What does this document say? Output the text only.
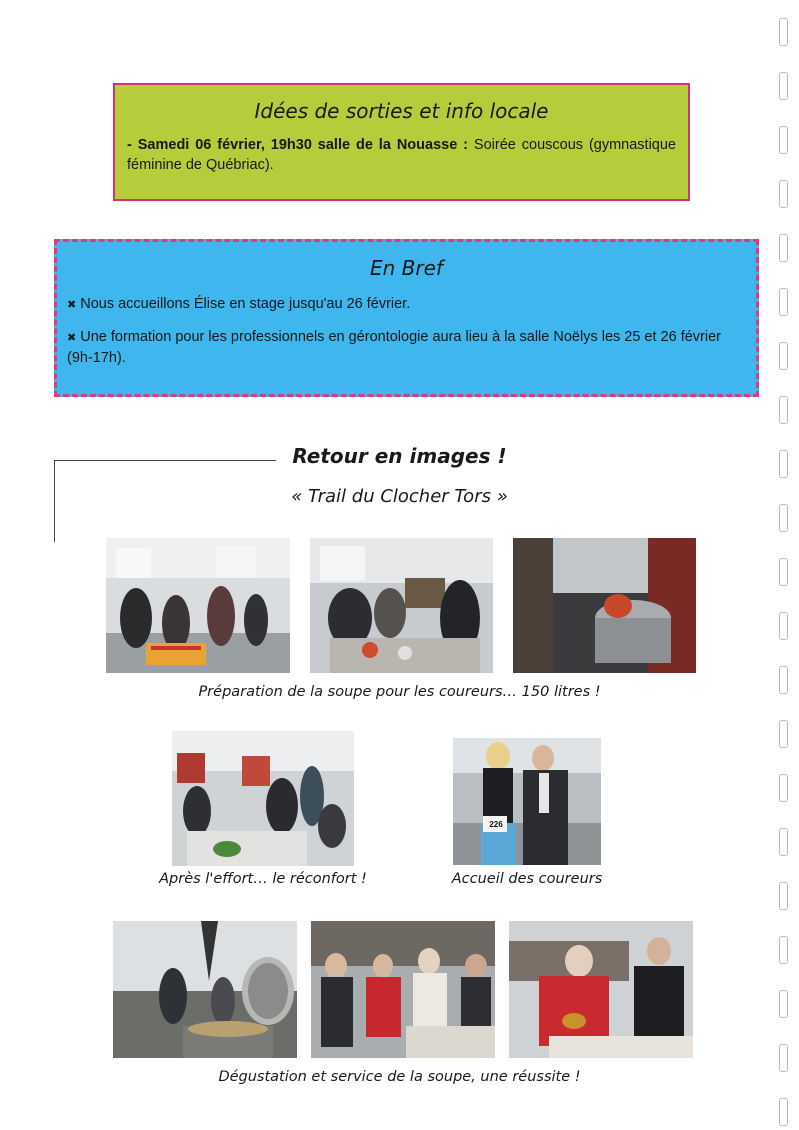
Idées de sorties et info locale

- Samedi 06 février, 19h30 salle de la Nouasse : Soirée couscous (gymnastique féminine de Québriac).

En Bref

✖ Nous accueillons Élise en stage jusqu'au 26 février.

✖ Une formation pour les professionnels en gérontologie aura lieu à la salle Noëlys les 25 et 26 février (9h-17h).

Retour en images !
« Trail du Clocher Tors »
Préparation de la soupe pour les coureurs… 150 litres !
Après l'effort… le réconfort !
226
Accueil des coureurs
Dégustation et service de la soupe, une réussite !
